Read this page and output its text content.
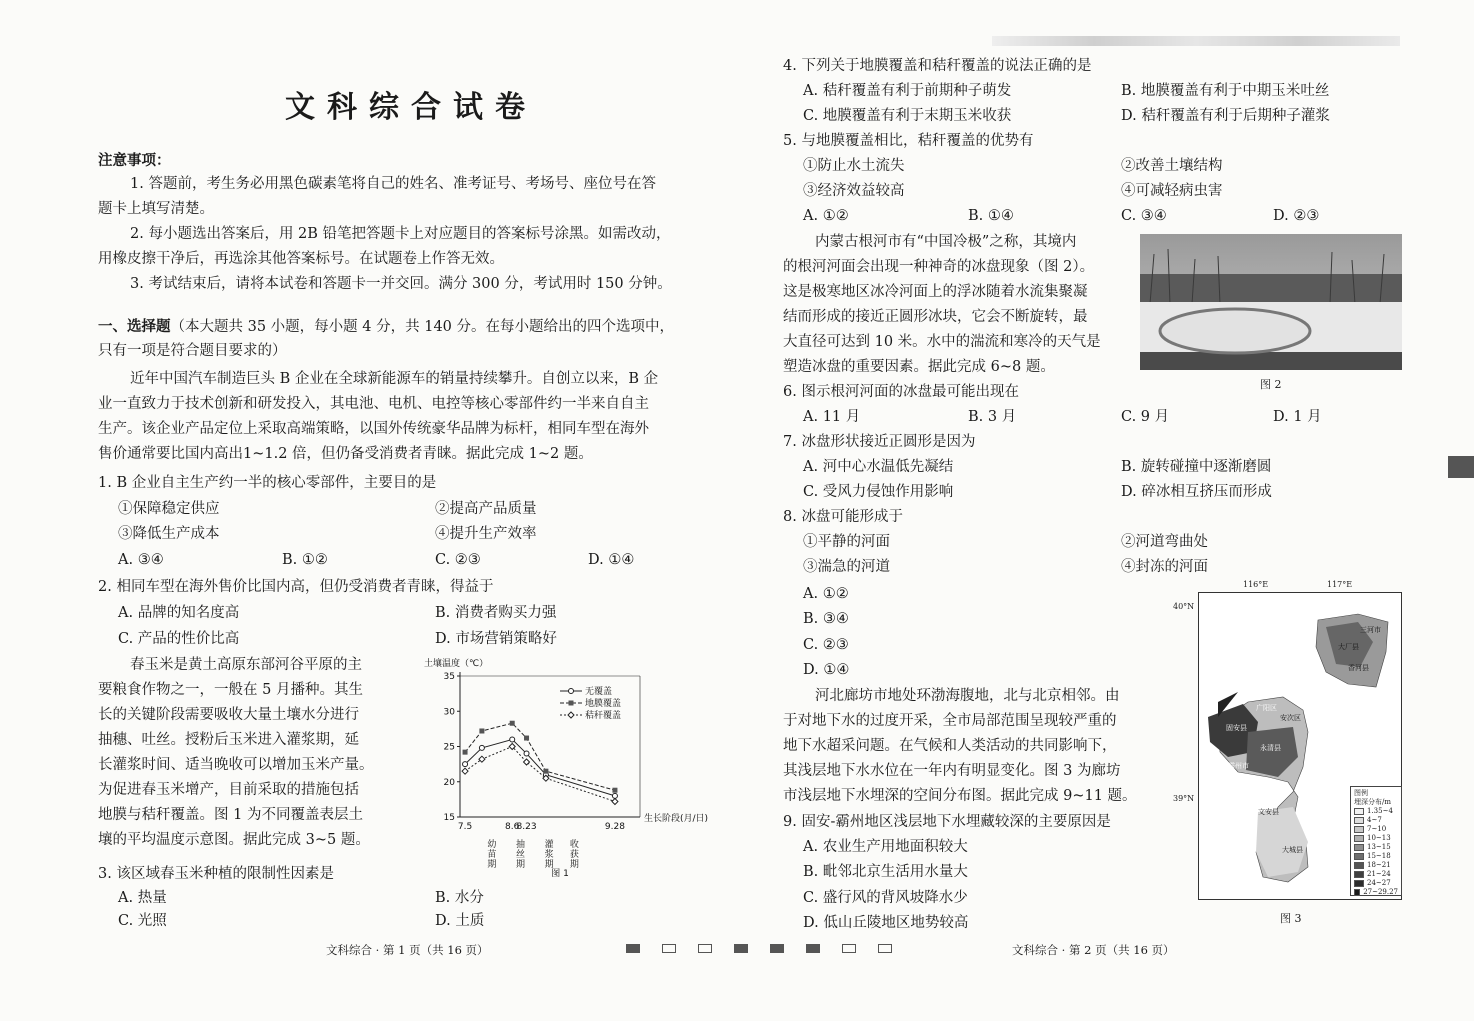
文科综合试卷
注意事项：
1. 答题前，考生务必用黑色碳素笔将自己的姓名、准考证号、考场号、座位号在答
题卡上填写清楚。
2. 每小题选出答案后，用 2B 铅笔把答题卡上对应题目的答案标号涂黑。如需改动，
用橡皮擦干净后，再选涂其他答案标号。在试题卷上作答无效。
3. 考试结束后，请将本试卷和答题卡一并交回。满分 300 分，考试用时 150 分钟。
一、选择题（本大题共 35 小题，每小题 4 分，共 140 分。在每小题给出的四个选项中，
只有一项是符合题目要求的）
近年中国汽车制造巨头 B 企业在全球新能源车的销量持续攀升。自创立以来，B 企
业一直致力于技术创新和研发投入，其电池、电机、电控等核心零部件约一半来自自主
生产。该企业产品定位上采取高端策略，以国外传统豪华品牌为标杆，相同车型在海外
售价通常要比国内高出1~1.2 倍，但仍备受消费者青睐。据此完成 1~2 题。
1. B 企业自主生产约一半的核心零部件，主要目的是
①保障稳定供应	②提高产品质量
③降低生产成本	④提升生产效率
A. ③④	B. ①②	C. ②③	D. ①④
2. 相同车型在海外售价比国内高，但仍受消费者青睐，得益于
A. 品牌的知名度高	B. 消费者购买力强
C. 产品的性价比高	D. 市场营销策略好
春玉米是黄土高原东部河谷平原的主
要粮食作物之一，一般在 5 月播种。其生
长的关键阶段需要吸收大量土壤水分进行
抽穗、吐丝。授粉后玉米进入灌浆期，延
长灌浆时间、适当晚收可以增加玉米产量。
为促进春玉米增产，目前采取的措施包括
地膜与秸秆覆盖。图 1 为不同覆盖表层土
壤的平均温度示意图。据此完成 3~5 题。
土壤温度（℃）
15
20
25
30
35
7.5	8.6
8.23	9.28
幼苗期 抽丝期 灌浆期 收获期
生长阶段(月/日)
无覆盖
地膜覆盖
秸秆覆盖
图 1
3. 该区域春玉米种植的限制性因素是
A. 热量	B. 水分
C. 光照	D. 土质
文科综合 · 第 1 页（共 16 页）
4. 下列关于地膜覆盖和秸秆覆盖的说法正确的是
A. 秸秆覆盖有利于前期种子萌发	B. 地膜覆盖有利于中期玉米吐丝
C. 地膜覆盖有利于末期玉米收获	D. 秸秆覆盖有利于后期种子灌浆
5. 与地膜覆盖相比，秸秆覆盖的优势有
①防止水土流失	②改善土壤结构
③经济效益较高	④可减轻病虫害
A. ①②	B. ①④	C. ③④	D. ②③
内蒙古根河市有“中国冷极”之称，其境内
的根河河面会出现一种神奇的冰盘现象（图 2）。
这是极寒地区冰冷河面上的浮冰随着水流集聚凝
结而形成的接近正圆形冰块，它会不断旋转，最
大直径可达到 10 米。水中的湍流和寒冷的天气是
塑造冰盘的重要因素。据此完成 6~8 题。
图 2
6. 图示根河河面的冰盘最可能出现在
A. 11 月	B. 3 月	C. 9 月	D. 1 月
7. 冰盘形状接近正圆形是因为
A. 河中心水温低先凝结	B. 旋转碰撞中逐渐磨圆
C. 受风力侵蚀作用影响	D. 碎冰相互挤压而形成
8. 冰盘可能形成于
①平静的河面	②河道弯曲处
③湍急的河道	④封冻的河面
A. ①②
B. ③④
C. ②③
D. ①④
河北廊坊市地处环渤海腹地，北与北京相邻。由
于对地下水的过度开采，全市局部范围呈现较严重的
地下水超采问题。在气候和人类活动的共同影响下，
其浅层地下水水位在一年内有明显变化。图 3 为廊坊
市浅层地下水埋深的空间分布图。据此完成 9~11 题。
9. 固安-霸州地区浅层地下水埋藏较深的主要原因是
A. 农业生产用地面积较大
B. 毗邻北京生活用水量大
C. 盛行风的背风坡降水少
D. 低山丘陵地区地势较高
116°E	117°E
40°N
39°N
三河市
大厂县
香河县
广阳区
安次区
固安县
永清县
霸州市
文安县
大城县
图例
埋深分布/m
1.35~4
4~7
7~10
10~13
13~15
15~18
18~21
21~24
24~27
27~29.27
图 3
文科综合 · 第 2 页（共 16 页）
